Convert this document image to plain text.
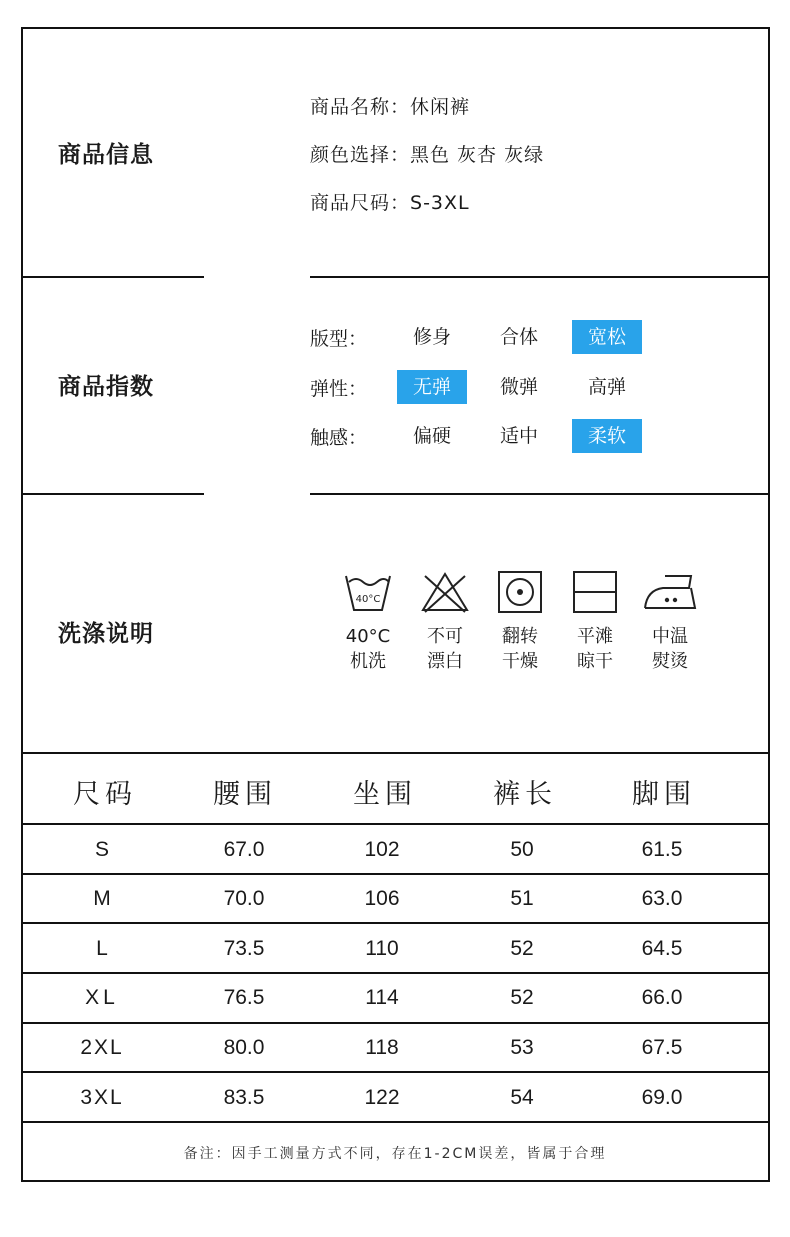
商品信息
商品名称：休闲裤
颜色选择：黑色 灰杏 灰绿
商品尺码：S-3XL
商品指数
版型：	修身	合体	宽松
弹性：	无弹	微弹	高弹
触感：	偏硬	适中	柔软
洗涤说明
40°C
40°C
机洗
不可
漂白
翻转
干燥
平滩
晾干
中温
熨烫
尺码	腰围	坐围	裤长	脚围
S	67.0	102	50	61.5
M	70.0	106	51	63.0
L	73.5	110	52	64.5
XL	76.5	114	52	66.0
2XL	80.0	118	53	67.5
3XL	83.5	122	54	69.0
备注：因手工测量方式不同，存在1-2CM误差，皆属于合理
